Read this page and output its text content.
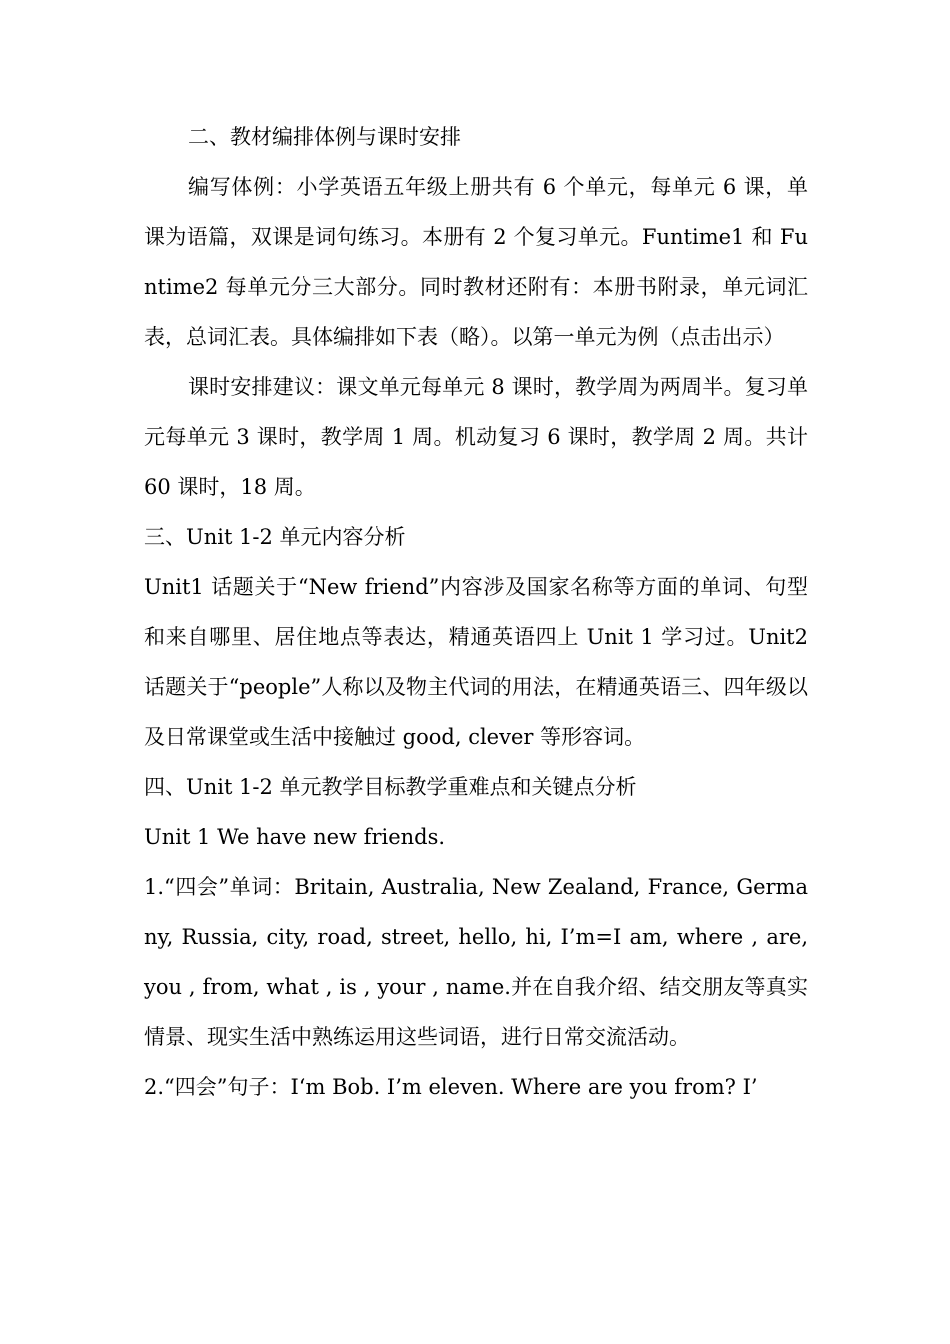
二、教材编排体例与课时安排

编写体例：小学英语五年级上册共有 6 个单元，每单元 6 课，单课为语篇，双课是词句练习。本册有 2 个复习单元。Funtime1 和 Funtime2 每单元分三大部分。同时教材还附有：本册书附录，单元词汇表，总词汇表。具体编排如下表（略）。以第一单元为例（点击出示）

课时安排建议：课文单元每单元 8 课时，教学周为两周半。复习单元每单元 3 课时，教学周 1 周。机动复习 6 课时，教学周 2 周。共计 60 课时，18 周。

三、Unit 1-2 单元内容分析

Unit1 话题关于“New friend”内容涉及国家名称等方面的单词、句型和来自哪里、居住地点等表达，精通英语四上 Unit 1 学习过。Unit2 话题关于“people”人称以及物主代词的用法，在精通英语三、四年级以及日常课堂或生活中接触过 good, clever 等形容词。

四、Unit 1-2 单元教学目标教学重难点和关键点分析

Unit 1 We have new friends.

1.“四会”单词：Britain, Australia, New Zealand, France, Germany, Russia, city, road, street, hello, hi, I’m=I am, where , are, you , from, what , is , your , name.并在自我介绍、结交朋友等真实情景、现实生活中熟练运用这些词语，进行日常交流活动。

2.“四会”句子：I‘m Bob. I’m eleven. Where are you from? I’
